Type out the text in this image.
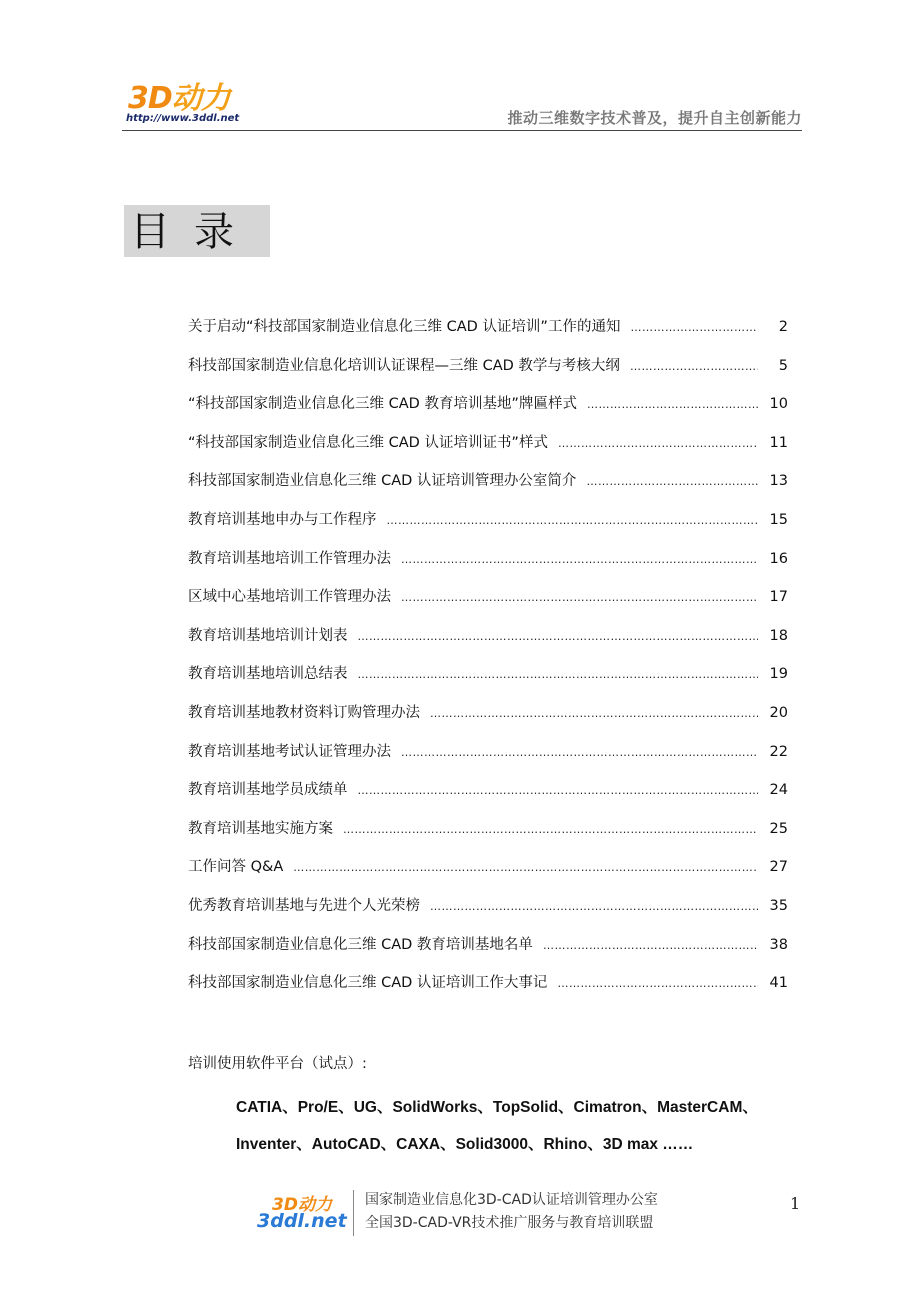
3D动力
http://www.3ddl.net	推动三维数字技术普及，提升自主创新能力
目录
关于启动“科技部国家制造业信息化三维 CAD 认证培训”工作的通知 …………………………………………………………………………………………………………………………………………	2
科技部国家制造业信息化培训认证课程—三维 CAD 教学与考核大纲 …………………………………………………………………………………………………………………………………………	5
“科技部国家制造业信息化三维 CAD 教育培训基地”牌匾样式 …………………………………………………………………………………………………………………………………………	10
“科技部国家制造业信息化三维 CAD 认证培训证书”样式 …………………………………………………………………………………………………………………………………………	11
科技部国家制造业信息化三维 CAD 认证培训管理办公室简介 …………………………………………………………………………………………………………………………………………	13
教育培训基地申办与工作程序 …………………………………………………………………………………………………………………………………………	15
教育培训基地培训工作管理办法 …………………………………………………………………………………………………………………………………………	16
区域中心基地培训工作管理办法 …………………………………………………………………………………………………………………………………………	17
教育培训基地培训计划表 …………………………………………………………………………………………………………………………………………	18
教育培训基地培训总结表 …………………………………………………………………………………………………………………………………………	19
教育培训基地教材资料订购管理办法 …………………………………………………………………………………………………………………………………………	20
教育培训基地考试认证管理办法 …………………………………………………………………………………………………………………………………………	22
教育培训基地学员成绩单 …………………………………………………………………………………………………………………………………………	24
教育培训基地实施方案 …………………………………………………………………………………………………………………………………………	25
工作问答 Q&A …………………………………………………………………………………………………………………………………………	27
优秀教育培训基地与先进个人光荣榜 …………………………………………………………………………………………………………………………………………	35
科技部国家制造业信息化三维 CAD 教育培训基地名单 …………………………………………………………………………………………………………………………………………	38
科技部国家制造业信息化三维 CAD 认证培训工作大事记 …………………………………………………………………………………………………………………………………………	41
培训使用软件平台（试点）:
CATIA、Pro/E、UG、SolidWorks、TopSolid、Cimatron、MasterCAM、
Inventer、AutoCAD、CAXA、Solid3000、Rhino、3D max ……
3D动力
3ddl.net
国家制造业信息化3D-CAD认证培训管理办公室
全国3D-CAD-VR技术推广服务与教育培训联盟
1
